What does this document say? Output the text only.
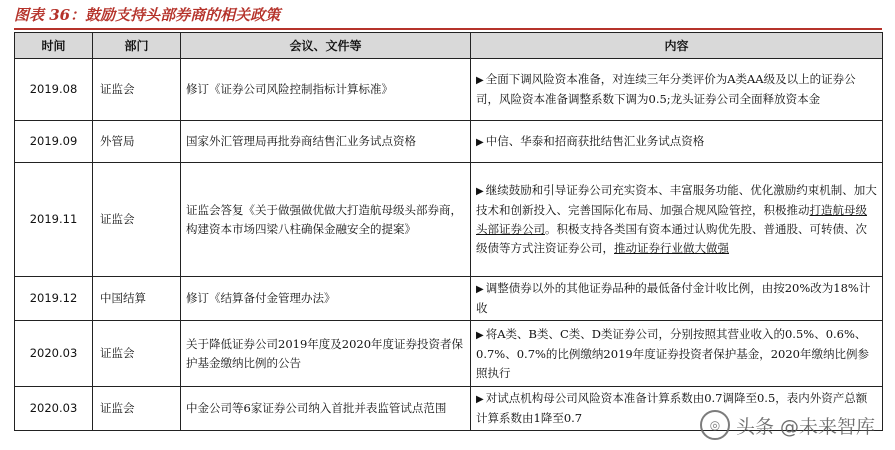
图表 36：鼓励支持头部券商的相关政策
时间	部门	会议、文件等	内容
2019.08	证监会	修订《证券公司风险控制指标计算标准》	▶ 全面下调风险资本准备，对连续三年分类评价为A类AA级及以上的证券公司，风险资本准备调整系数下调为0.5;龙头证券公司全面释放资本金
2019.09	外管局	国家外汇管理局再批券商结售汇业务试点资格	▶ 中信、华泰和招商获批结售汇业务试点资格
2019.11	证监会	证监会答复《关于做强做优做大打造航母级头部券商，构建资本市场四梁八柱确保金融安全的提案》	▶ 继续鼓励和引导证券公司充实资本、丰富服务功能、优化激励约束机制、加大技术和创新投入、完善国际化布局、加强合规风险管控，积极推动打造航母级头部证券公司。积极支持各类国有资本通过认购优先股、普通股、可转债、次级债等方式注资证券公司，推动证券行业做大做强
2019.12	中国结算	修订《结算备付金管理办法》	▶ 调整债券以外的其他证券品种的最低备付金计收比例，由按20%改为18%计收
2020.03	证监会	关于降低证券公司2019年度及2020年度证券投资者保护基金缴纳比例的公告	▶ 将A类、B类、C类、D类证券公司，分别按照其营业收入的0.5%、0.6%、0.7%、0.7%的比例缴纳2019年度证券投资者保护基金，2020年缴纳比例参照执行
2020.03	证监会	中金公司等6家证券公司纳入首批并表监管试点范围	▶ 对试点机构母公司风险资本准备计算系数由0.7调降至0.5，表内外资产总额计算系数由1降至0.7	◎ 头条 @未来智库
